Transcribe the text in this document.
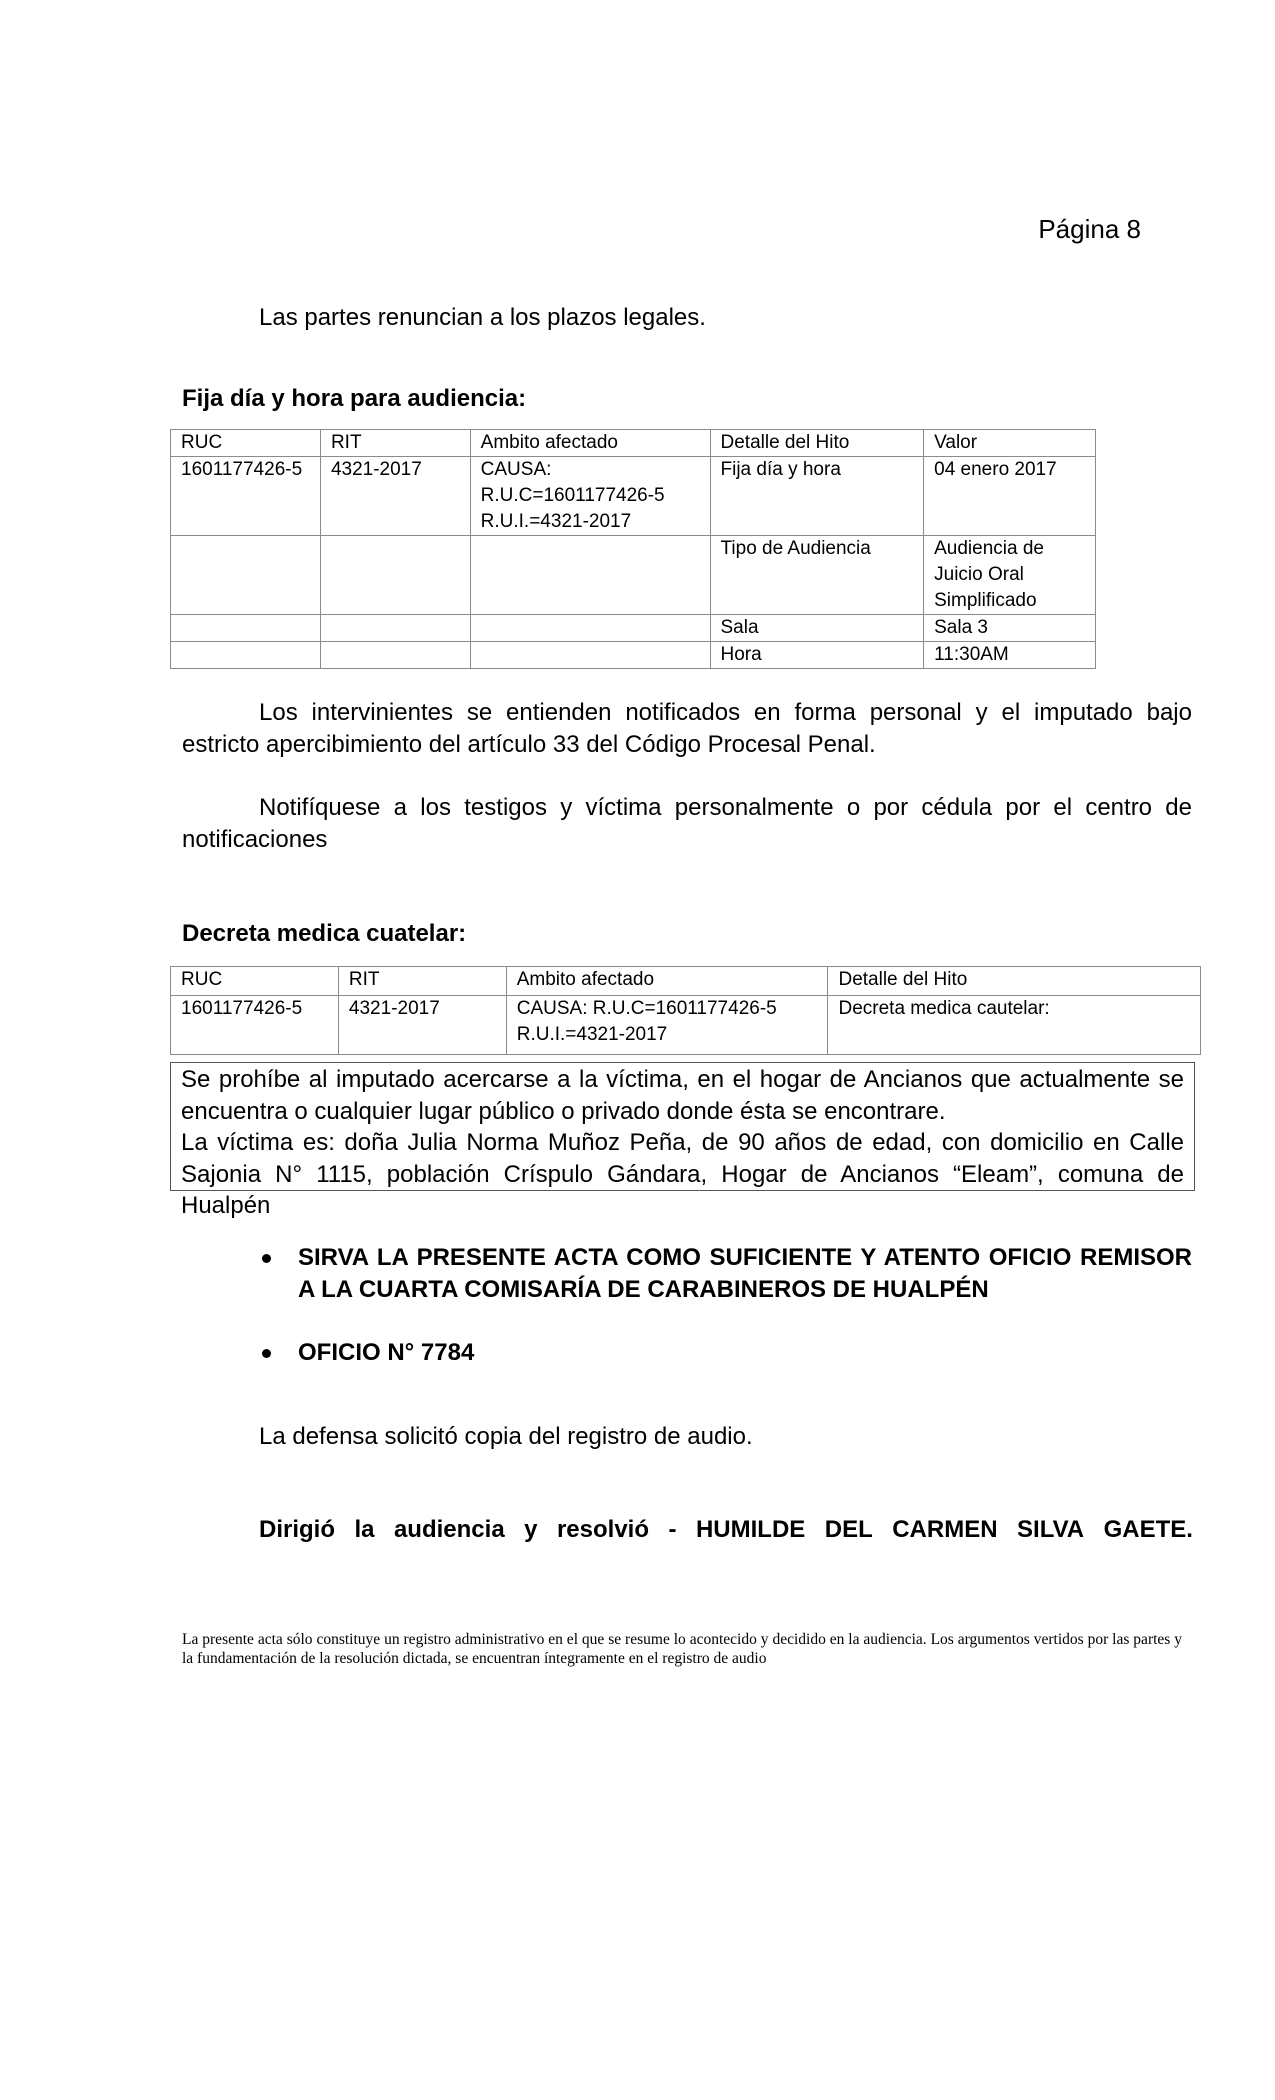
Página 8
Las partes renuncian a los plazos legales.
Fija día y hora para audiencia:
RUC	RIT	Ambito afectado	Detalle del Hito	Valor
1601177426-5	4321-2017	CAUSA:
R.U.C=1601177426-5
R.U.I.=4321-2017	Fija día y hora	04 enero 2017
			Tipo de Audiencia	Audiencia de
Juicio Oral
Simplificado

			Sala	Sala 3
			Hora	11:30AM
Los intervinientes se entienden notificados en forma personal y el imputado bajo estricto apercibimiento del artículo 33 del Código Procesal Penal.
Notifíquese a los testigos y víctima personalmente o por cédula por el centro de notificaciones
Decreta medica cuatelar:
RUC	RIT	Ambito afectado	Detalle del Hito
1601177426-5	4321-2017	CAUSA: R.U.C=1601177426-5
R.U.I.=4321-2017	Decreta medica cautelar:
Se prohíbe al imputado acercarse a la víctima, en el hogar de Ancianos que actualmente se encuentra o cualquier lugar público o privado donde ésta se encontrare.
La víctima es: doña Julia Norma Muñoz Peña, de 90 años de edad, con domicilio en Calle Sajonia N° 1115, población Críspulo Gándara, Hogar de Ancianos “Eleam”, comuna de Hualpén
SIRVA LA PRESENTE ACTA COMO SUFICIENTE Y ATENTO OFICIO REMISOR A LA CUARTA COMISARÍA DE CARABINEROS DE HUALPÉN
OFICIO N° 7784
La defensa solicitó copia del registro de audio.
Dirigió la audiencia y resolvió - HUMILDE DEL CARMEN SILVA GAETE.
La presente acta sólo constituye un registro administrativo en el que se resume lo acontecido y decidido en la audiencia. Los argumentos vertidos por las partes y la fundamentación de la resolución dictada, se encuentran íntegramente en el registro de audio
